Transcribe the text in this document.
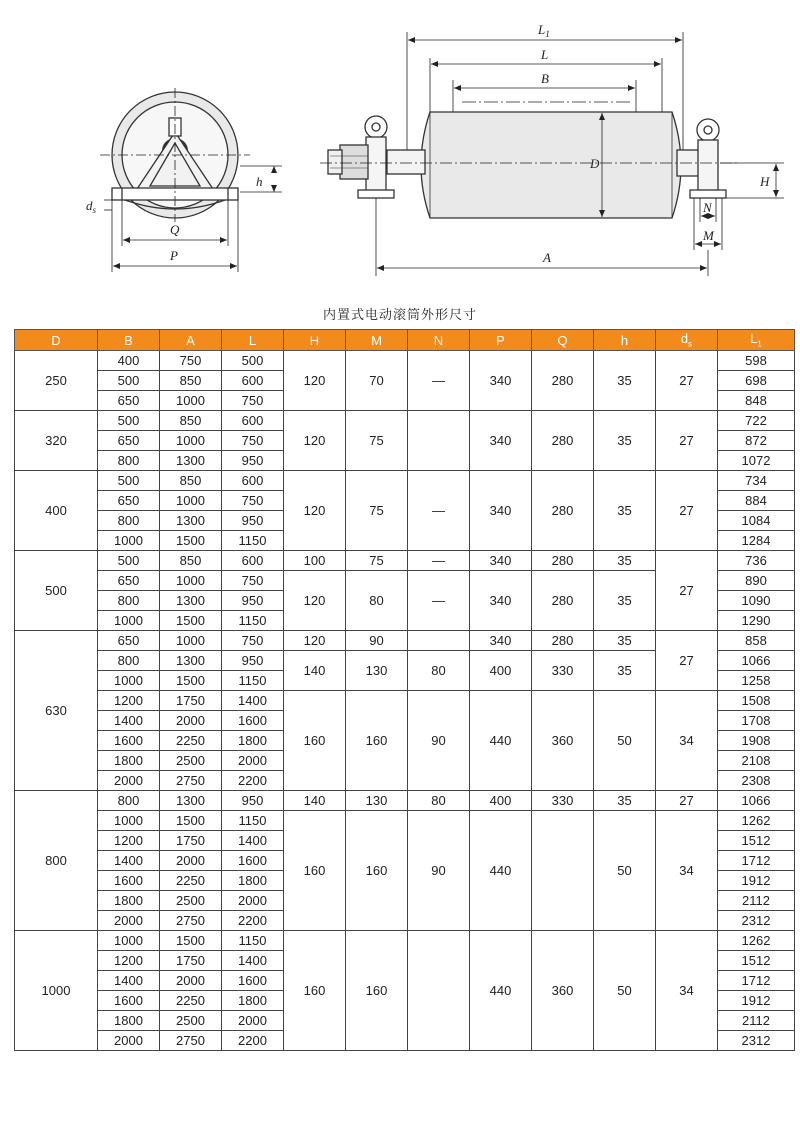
h
$d_s$
Q
P
$L_1$
L
B
D
H
N
M
A
内置式电动滚筒外形尺寸
D	B	A	L	H	M	N	P	Q	h	$d_s$	$L_1$
250	400	750	500	120	70	—	340	280	35	27	598
	500	850	600								698
	650	1000	750								848
320	500	850	600	120	75		340	280	35	27	722
	650	1000	750								872
	800	1300	950								1072
400	500	850	600	120	75	—	340	280	35	27	734
	650	1000	750								884
	800	1300	950								1084
	1000	1500	1150								1284
500	500	850	600	100	75	—	340	280	35	27	736
	650	1000	750	120	80	—	340	280	35		890
	800	1300	950								1090
	1000	1500	1150								1290
630	650	1000	750	120	90		340	280	35	27	858
	800	1300	950	140	130	80	400	330	35		1066
	1000	1500	1150								1258
	1200	1750	1400	160	160	90	440	360	50	34	1508
	1400	2000	1600								1708
	1600	2250	1800								1908
	1800	2500	2000								2108
	2000	2750	2200								2308
800	800	1300	950	140	130	80	400	330	35	27	1066
	1000	1500	1150	160	160	90	440		50	34	1262
	1200	1750	1400								1512
	1400	2000	1600								1712
	1600	2250	1800								1912
	1800	2500	2000								2112
	2000	2750	2200								2312
1000	1000	1500	1150	160	160		440	360	50	34	1262
	1200	1750	1400								1512
	1400	2000	1600								1712
	1600	2250	1800								1912
	1800	2500	2000								2112
	2000	2750	2200								2312
